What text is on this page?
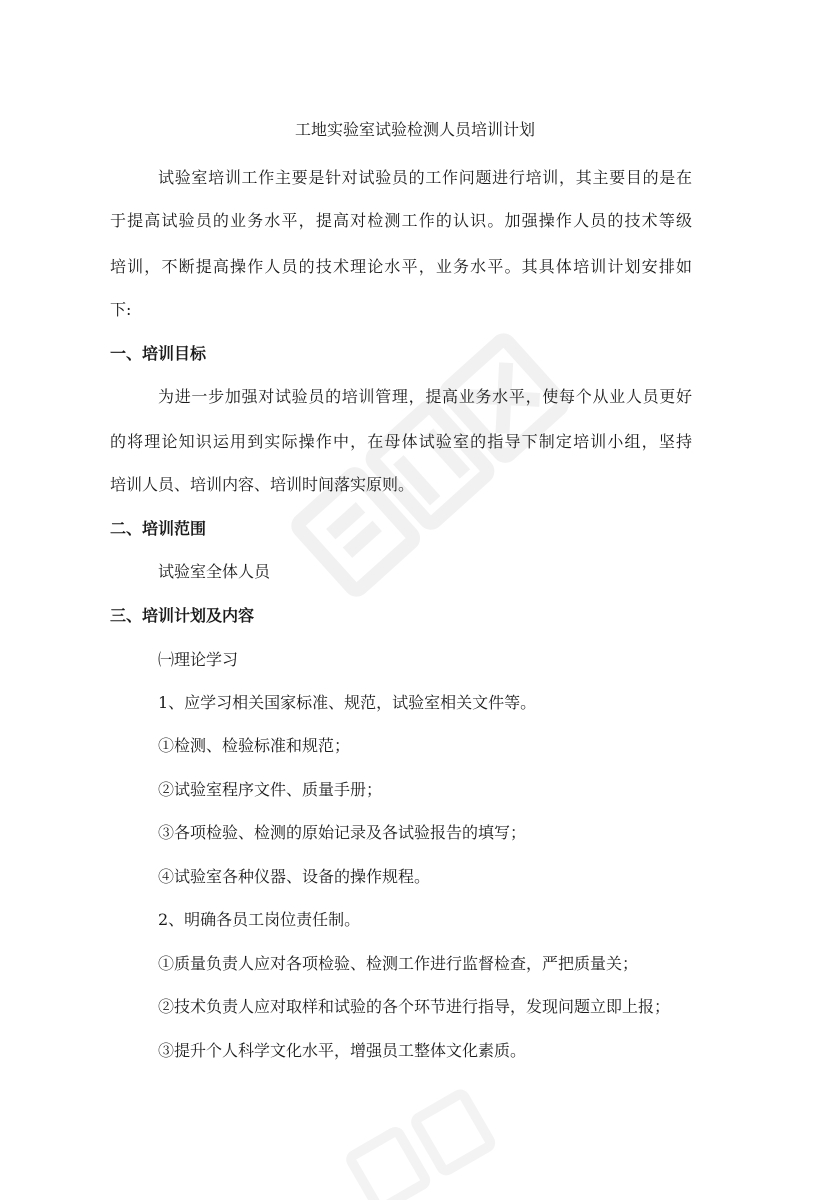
工地实验室试验检测人员培训计划
试验室培训工作主要是针对试验员的工作问题进行培训，其主要目的是在
于提高试验员的业务水平，提高对检测工作的认识。加强操作人员的技术等级
培训，不断提高操作人员的技术理论水平，业务水平。其具体培训计划安排如
下:
一、培训目标
为进一步加强对试验员的培训管理，提高业务水平，使每个从业人员更好
的将理论知识运用到实际操作中，在母体试验室的指导下制定培训小组，坚持
培训人员、培训内容、培训时间落实原则。
二、培训范围
试验室全体人员
三、培训计划及内容
㈠理论学习
1、应学习相关国家标准、规范，试验室相关文件等。
①检测、检验标准和规范；
②试验室程序文件、质量手册；
③各项检验、检测的原始记录及各试验报告的填写；
④试验室各种仪器、设备的操作规程。
2、明确各员工岗位责任制。
①质量负责人应对各项检验、检测工作进行监督检查，严把质量关；
②技术负责人应对取样和试验的各个环节进行指导，发现问题立即上报；
③提升个人科学文化水平，增强员工整体文化素质。
